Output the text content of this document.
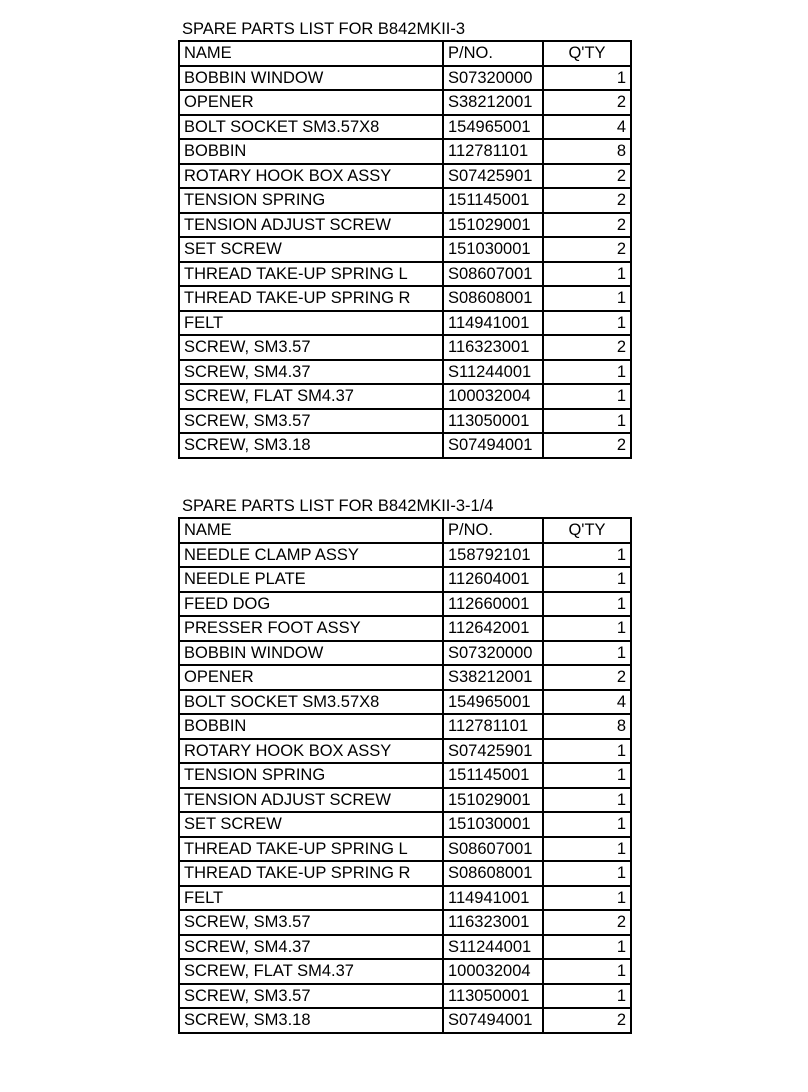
SPARE PARTS LIST FOR B842MKII-3
NAME	P/NO.	Q'TY
BOBBIN WINDOW	S07320000	1
OPENER	S38212001	2
BOLT SOCKET SM3.57X8	154965001	4
BOBBIN	112781101	8
ROTARY HOOK BOX ASSY	S07425901	2
TENSION SPRING	151145001	2
TENSION ADJUST SCREW	151029001	2
SET SCREW	151030001	2
THREAD TAKE-UP SPRING L	S08607001	1
THREAD TAKE-UP SPRING R	S08608001	1
FELT	114941001	1
SCREW, SM3.57	116323001	2
SCREW, SM4.37	S11244001	1
SCREW, FLAT SM4.37	100032004	1
SCREW, SM3.57	113050001	1
SCREW, SM3.18	S07494001	2
SPARE PARTS LIST FOR B842MKII-3-1/4
NAME	P/NO.	Q'TY
NEEDLE CLAMP ASSY	158792101	1
NEEDLE PLATE	112604001	1
FEED DOG	112660001	1
PRESSER FOOT ASSY	112642001	1
BOBBIN WINDOW	S07320000	1
OPENER	S38212001	2
BOLT SOCKET SM3.57X8	154965001	4
BOBBIN	112781101	8
ROTARY HOOK BOX ASSY	S07425901	1
TENSION SPRING	151145001	1
TENSION ADJUST SCREW	151029001	1
SET SCREW	151030001	1
THREAD TAKE-UP SPRING L	S08607001	1
THREAD TAKE-UP SPRING R	S08608001	1
FELT	114941001	1
SCREW, SM3.57	116323001	2
SCREW, SM4.37	S11244001	1
SCREW, FLAT SM4.37	100032004	1
SCREW, SM3.57	113050001	1
SCREW, SM3.18	S07494001	2
